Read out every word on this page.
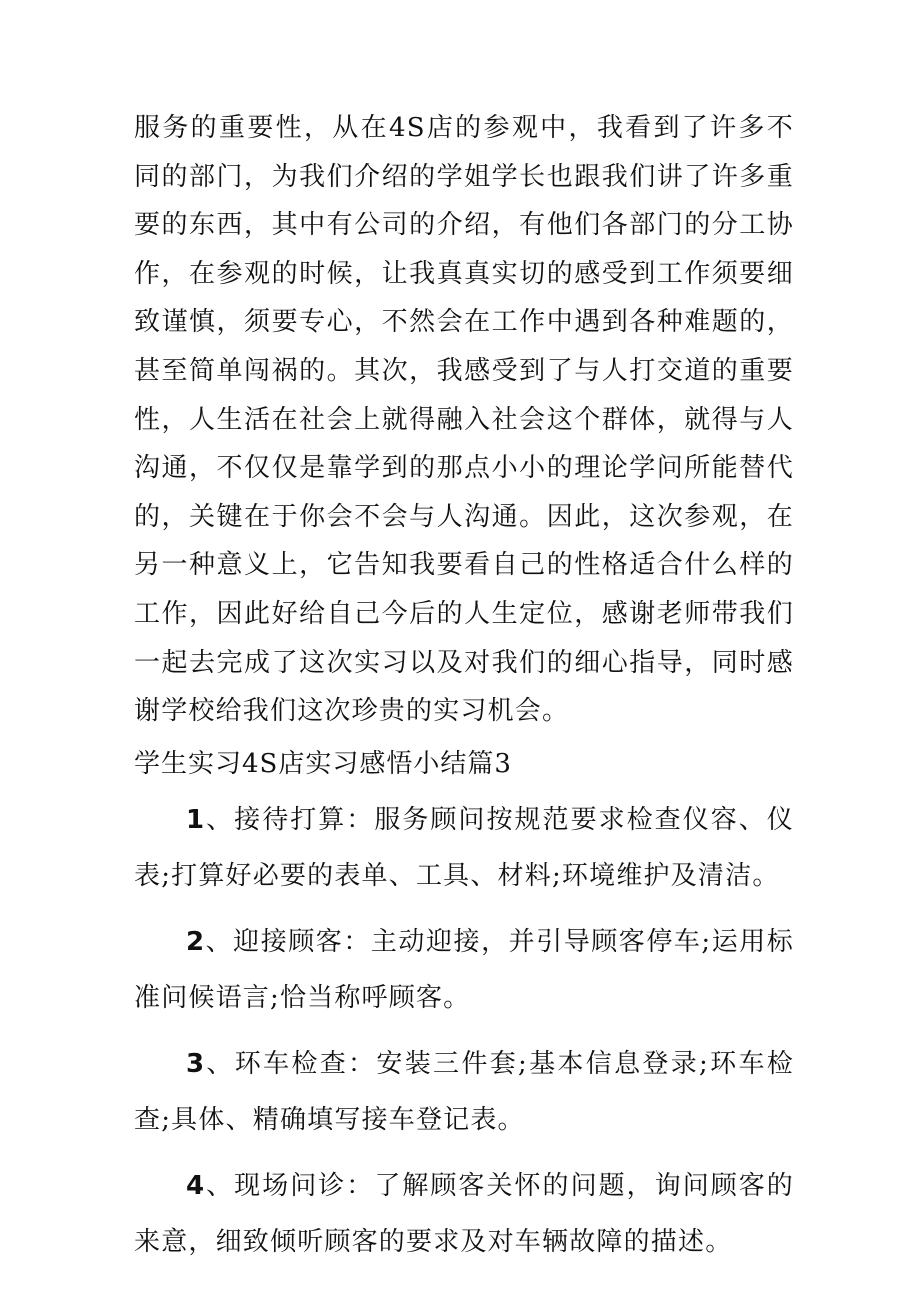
服务的重要性，从在4S店的参观中，我看到了许多不同的部门，为我们介绍的学姐学长也跟我们讲了许多重要的东西，其中有公司的介绍，有他们各部门的分工协作，在参观的时候，让我真真实切的感受到工作须要细致谨慎，须要专心，不然会在工作中遇到各种难题的，甚至简单闯祸的。其次，我感受到了与人打交道的重要性，人生活在社会上就得融入社会这个群体，就得与人沟通，不仅仅是靠学到的那点小小的理论学问所能替代的，关键在于你会不会与人沟通。因此，这次参观，在另一种意义上，它告知我要看自己的性格适合什么样的工作，因此好给自己今后的人生定位，感谢老师带我们一起去完成了这次实习以及对我们的细心指导，同时感谢学校给我们这次珍贵的实习机会。

学生实习4S店实习感悟小结篇3

1、接待打算：服务顾问按规范要求检查仪容、仪表;打算好必要的表单、工具、材料;环境维护及清洁。

2、迎接顾客：主动迎接，并引导顾客停车;运用标准问候语言;恰当称呼顾客。

3、环车检查：安装三件套;基本信息登录;环车检查;具体、精确填写接车登记表。

4、现场问诊：了解顾客关怀的问题，询问顾客的来意，细致倾听顾客的要求及对车辆故障的描述。
